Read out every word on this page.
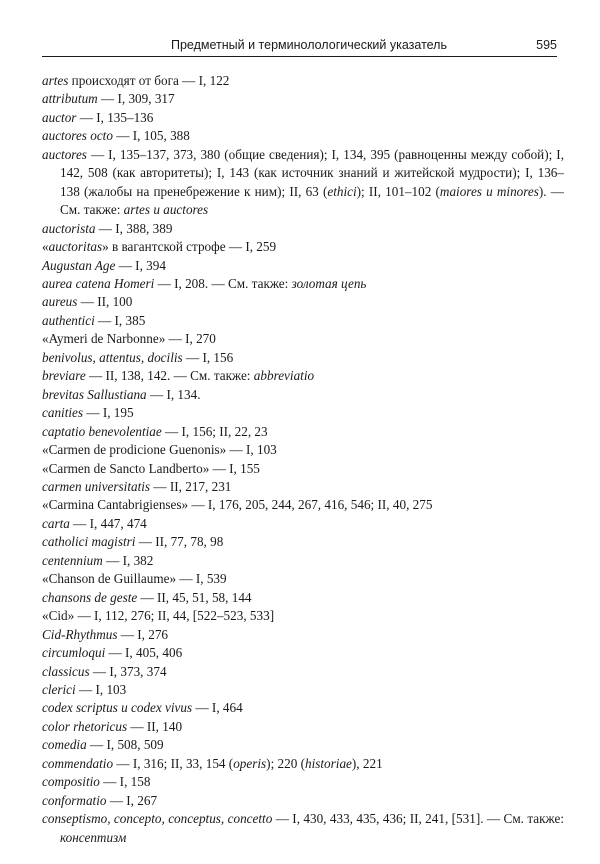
Предметный и терминолологический указатель	595

artes происходят от бога — I, 122

attributum — I, 309, 317

auctor — I, 135–136

auctores octo — I, 105, 388

auctores — I, 135–137, 373, 380 (общие сведения); I, 134, 395 (равноценны между собой); I, 142, 508 (как авторитеты); I, 143 (как источник знаний и житейской мудрости); I, 136–138 (жалобы на пренебрежение к ним); II, 63 (ethici); II, 101–102 (maiores и minores). — См. также: artes и auctores

auctorista — I, 388, 389

«auctoritas» в вагантской строфе — I, 259

Augustan Age — I, 394

aurea catena Homeri — I, 208. — См. также: золотая цепь

aureus — II, 100

authentici — I, 385

«Aymeri de Narbonne» — I, 270

benivolus, attentus, docilis — I, 156

breviare — II, 138, 142. — См. также: abbreviatio

brevitas Sallustiana — I, 134.

canities — I, 195

captatio benevolentiae — I, 156; II, 22, 23

«Carmen de prodicione Guenonis» — I, 103

«Carmen de Sancto Landberto» — I, 155

carmen universitatis — II, 217, 231

«Carmina Cantabrigienses» — I, 176, 205, 244, 267, 416, 546; II, 40, 275

carta — I, 447, 474

catholici magistri — II, 77, 78, 98

centennium — I, 382

«Chanson de Guillaume» — I, 539

chansons de geste — II, 45, 51, 58, 144

«Cid» — I, 112, 276; II, 44, [522–523, 533]

Cid-Rhythmus — I, 276

circumloqui — I, 405, 406

classicus — I, 373, 374

clerici — I, 103

codex scriptus и codex vivus — I, 464

color rhetoricus — II, 140

comedia — I, 508, 509

commendatio — I, 316; II, 33, 154 (operis); 220 (historiae), 221

compositio — I, 158

conformatio — I, 267

conseptismo, concepto, conceptus, concetto — I, 430, 433, 435, 436; II, 241, [531]. — См. также: консептизм
